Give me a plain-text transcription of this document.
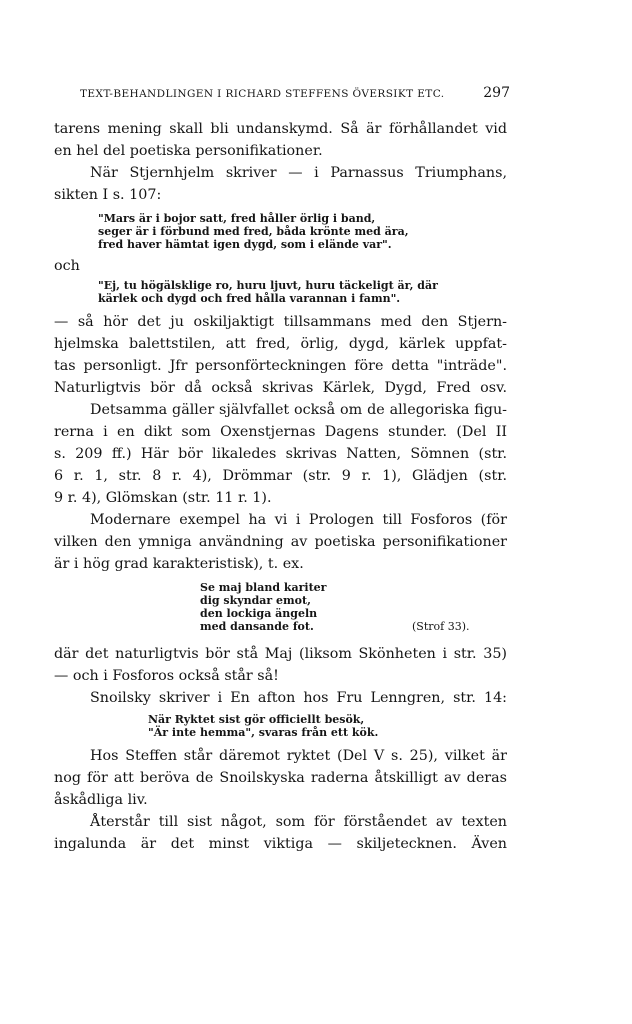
TEXT-BEHANDLINGEN I RICHARD STEFFENS ÖVERSIKT ETC.	297
tarens mening skall bli undanskymd. Så är förhållandet vid
en hel del poetiska personifikationer.
När Stjernhjelm skriver — i Parnassus Triumphans,
sikten I s. 107:
"Mars är i bojor satt, fred håller örlig i band,
seger är i förbund med fred, båda krönte med ära,
fred haver hämtat igen dygd, som i elände var".
och
"Ej, tu högälsklige ro, huru ljuvt, huru täckeligt är, där
kärlek och dygd och fred hålla varannan i famn".
— så hör det ju oskiljaktigt tillsammans med den Stjern-
hjelmska balettstilen, att fred, örlig, dygd, kärlek uppfat-
tas personligt. Jfr personförteckningen före detta "inträde".
Naturligtvis bör då också skrivas Kärlek, Dygd, Fred osv.
Detsamma gäller självfallet också om de allegoriska figu-
rerna i en dikt som Oxenstjernas Dagens stunder. (Del II
s. 209 ff.) Här bör likaledes skrivas Natten, Sömnen (str.
6 r. 1, str. 8 r. 4), Drömmar (str. 9 r. 1), Glädjen (str.
9 r. 4), Glömskan (str. 11 r. 1).
Modernare exempel ha vi i Prologen till Fosforos (för
vilken den ymniga användning av poetiska personifikationer
är i hög grad karakteristisk), t. ex.
Se maj bland kariter
dig skyndar emot,
den lockiga ängeln
med dansande fot.	(Strof 33).
där det naturligtvis bör stå Maj (liksom Skönheten i str. 35)
— och i Fosforos också står så!
Snoilsky skriver i En afton hos Fru Lenngren, str. 14:
När Ryktet sist gör officiellt besök,
"Är inte hemma", svaras från ett kök.
Hos Steffen står däremot ryktet (Del V s. 25), vilket är
nog för att beröva de Snoilskyska raderna åtskilligt av deras
åskådliga liv.
Återstår till sist något, som för förståendet av texten
ingalunda är det minst viktiga — skiljetecknen. Även
